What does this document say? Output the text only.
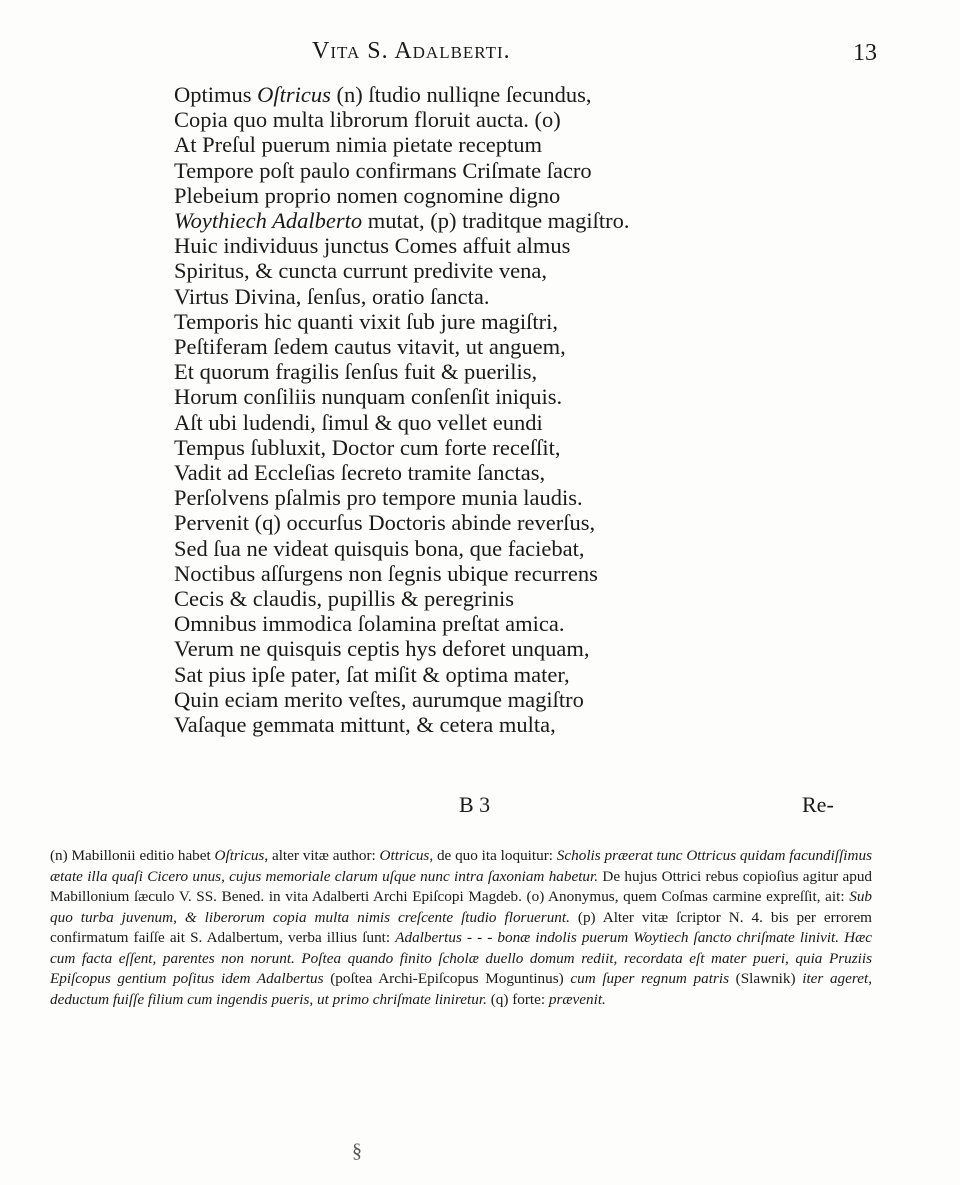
Vita S. Adalberti.	13
Optimus Oſtricus (n) ſtudio nulliqne ſecundus,
Copia quo multa librorum floruit aucta. (o)
At Preſul puerum nimia pietate receptum
Tempore poſt paulo confirmans Criſmate ſacro
Plebeium proprio nomen cognomine digno
Woythiech Adalberto mutat, (p) traditque magiſtro.
Huic individuus junctus Comes affuit almus
Spiritus, & cuncta currunt predivite vena,
Virtus Divina, ſenſus, oratio ſancta.
Temporis hic quanti vixit ſub jure magiſtri,
Peſtiferam ſedem cautus vitavit, ut anguem,
Et quorum fragilis ſenſus fuit & puerilis,
Horum conſiliis nunquam conſenſit iniquis.
Aſt ubi ludendi, ſimul & quo vellet eundi
Tempus ſubluxit, Doctor cum forte receſſit,
Vadit ad Eccleſias ſecreto tramite ſanctas,
Perſolvens pſalmis pro tempore munia laudis.
Pervenit (q) occurſus Doctoris abinde reverſus,
Sed ſua ne videat quisquis bona, que faciebat,
Noctibus aſſurgens non ſegnis ubique recurrens
Cecis & claudis, pupillis & peregrinis
Omnibus immodica ſolamina preſtat amica.
Verum ne quisquis ceptis hys deforet unquam,
Sat pius ipſe pater, ſat miſit & optima mater,
Quin eciam merito veſtes, aurumque magiſtro
Vaſaque gemmata mittunt, & cetera multa,
B 3	Re-

(n) Mabillonii editio habet Oſtricus, alter vitæ author: Ottricus, de quo ita loquitur: Scholis præerat tunc Ottricus quidam facundiſſimus ætate illa quaſi Cicero unus, cujus memoriale clarum uſque nunc intra ſaxoniam habetur. De hujus Ottrici rebus copioſius agitur apud Mabillonium ſæculo V. SS. Bened. in vita Adalberti Archi Epiſcopi Magdeb. (o) Anonymus, quem Coſmas carmine expreſſit, ait: Sub quo turba juvenum, & liberorum copia multa nimis creſcente ſtudio floruerunt. (p) Alter vitæ ſcriptor N. 4. bis per errorem confirmatum faiſſe ait S. Adalbertum, verba illius ſunt: Adalbertus - - - bonæ indolis puerum Woytiech ſancto chriſmate linivit. Hæc cum facta eſſent, parentes non norunt. Poſtea quando finito ſcholæ duello domum rediit, recordata eſt mater pueri, quia Pruziis Epiſcopus gentium poſitus idem Adalbertus (poſtea Archi-Epiſcopus Moguntinus) cum ſuper regnum patris (Slawnik) iter ageret, deductum fuiſſe filium cum ingendis pueris, ut primo chriſmate liniretur. (q) forte: prævenit.

§
